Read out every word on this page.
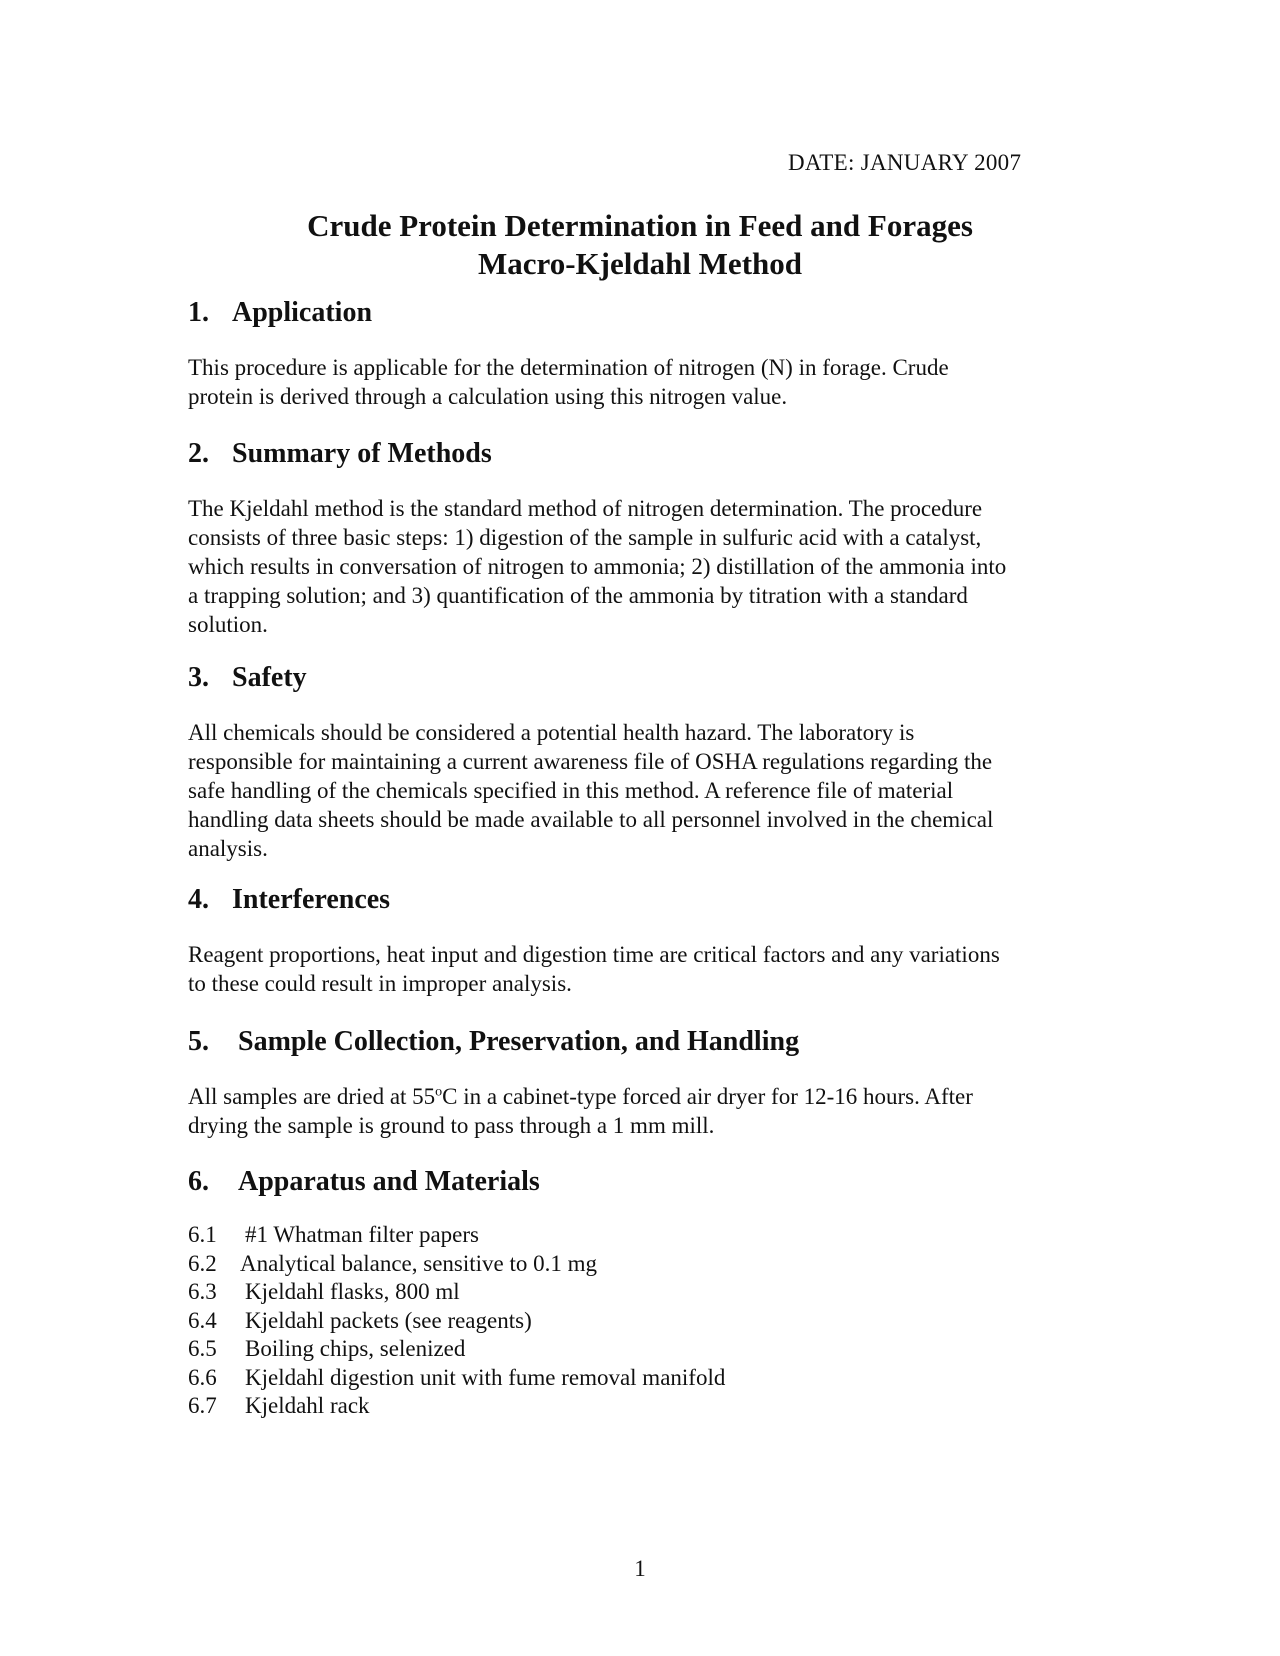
DATE: JANUARY 2007
Crude Protein Determination in Feed and Forages
Macro-Kjeldahl Method
1. Application

This procedure is applicable for the determination of nitrogen (N) in forage. Crude

protein is derived through a calculation using this nitrogen value.

2. Summary of Methods

The Kjeldahl method is the standard method of nitrogen determination. The procedure

consists of three basic steps: 1) digestion of the sample in sulfuric acid with a catalyst,

which results in conversation of nitrogen to ammonia; 2) distillation of the ammonia into

a trapping solution; and 3) quantification of the ammonia by titration with a standard

solution.

3. Safety

All chemicals should be considered a potential health hazard. The laboratory is

responsible for maintaining a current awareness file of OSHA regulations regarding the

safe handling of the chemicals specified in this method. A reference file of material

handling data sheets should be made available to all personnel involved in the chemical

analysis.

4. Interferences

Reagent proportions, heat input and digestion time are critical factors and any variations

to these could result in improper analysis.

5. Sample Collection, Preservation, and Handling

All samples are dried at 55$^o$C in a cabinet-type forced air dryer for 12-16 hours. After

drying the sample is ground to pass through a 1 mm mill.

6. Apparatus and Materials
6.1 #1 Whatman filter papers
6.2 Analytical balance, sensitive to 0.1 mg
6.3 Kjeldahl flasks, 800 ml
6.4 Kjeldahl packets (see reagents)
6.5 Boiling chips, selenized
6.6 Kjeldahl digestion unit with fume removal manifold
6.7 Kjeldahl rack
1
